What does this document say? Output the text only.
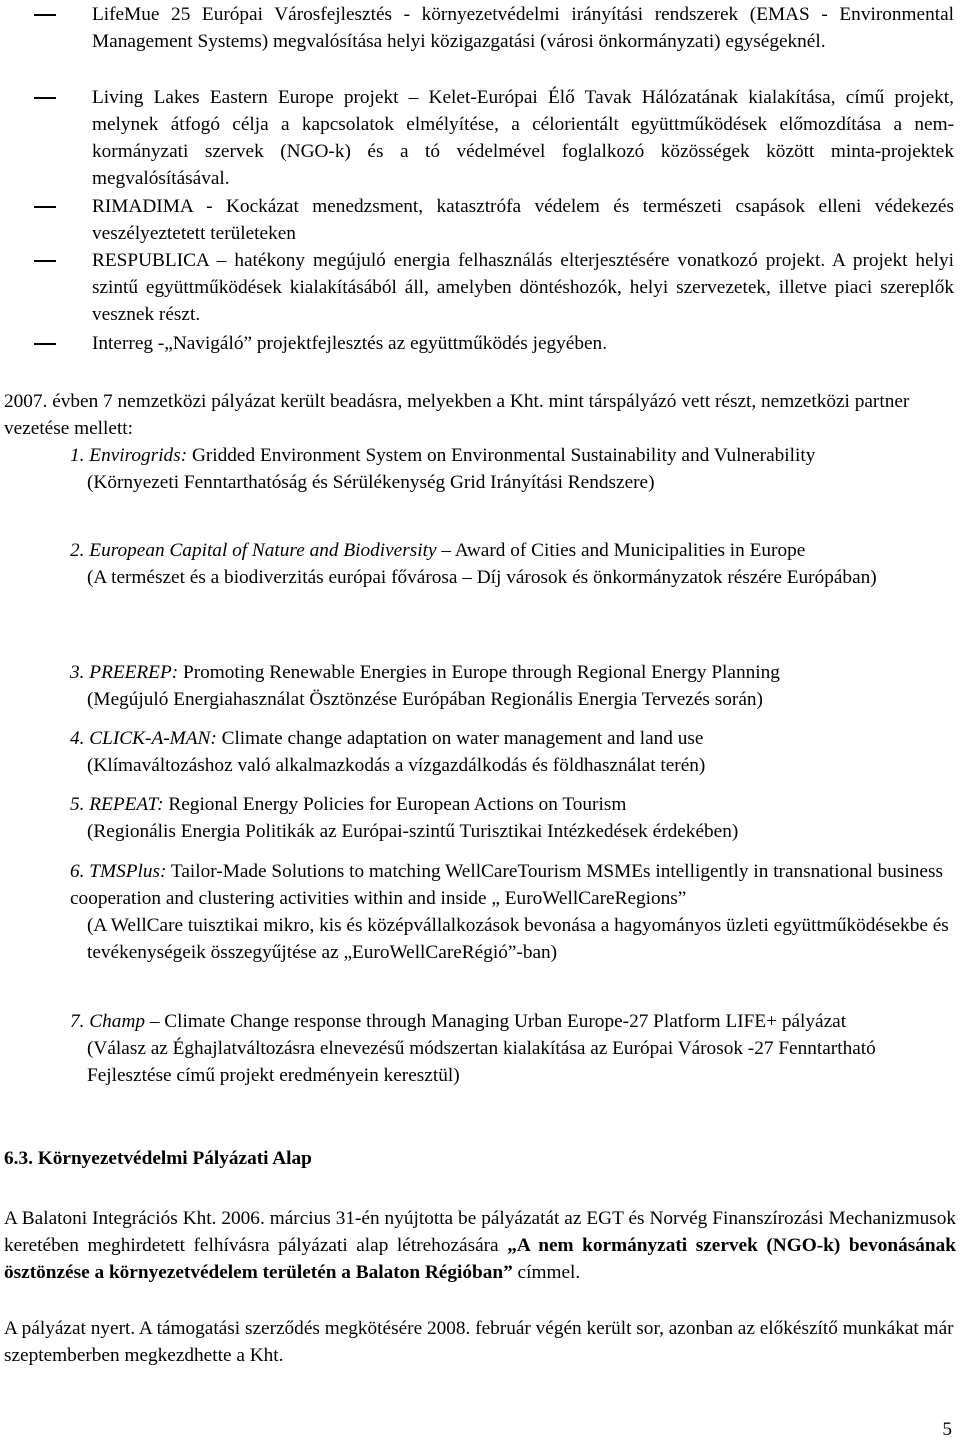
LifeMue 25 Európai Városfejlesztés - környezetvédelmi irányítási rendszerek (EMAS - Environmental Management Systems) megvalósítása helyi közigazgatási (városi önkormányzati) egységeknél.
Living Lakes Eastern Europe projekt ‒ Kelet-Európai Élő Tavak Hálózatának kialakítása, című projekt, melynek átfogó célja a kapcsolatok elmélyítése, a célorientált együttműködések előmozdítása a nem-kormányzati szervek (NGO-k) és a tó védelmével foglalkozó közösségek között minta-projektek megvalósításával.
RIMADIMA - Kockázat menedzsment, katasztrófa védelem és természeti csapások elleni védekezés veszélyeztetett területeken
RESPUBLICA ‒ hatékony megújuló energia felhasználás elterjesztésére vonatkozó projekt. A projekt helyi szintű együttműködések kialakításából áll, amelyben döntéshozók, helyi szervezetek, illetve piaci szereplők vesznek részt.
Interreg -„Navigáló” projektfejlesztés az együttműködés jegyében.
2007. évben 7 nemzetközi pályázat került beadásra, melyekben a Kht. mint társpályázó vett részt, nemzetközi partner vezetése mellett:
1. Envirogrids: Gridded Environment System on Environmental Sustainability and Vulnerability
(Környezeti Fenntarthatóság és Sérülékenység Grid Irányítási Rendszere)
2. European Capital of Nature and Biodiversity ‒ Award of Cities and Municipalities in Europe
(A természet és a biodiverzitás európai fővárosa ‒ Díj városok és önkormányzatok részére Európában)
3. PREEREP: Promoting Renewable Energies in Europe through Regional Energy Planning
(Megújuló Energiahasználat Ösztönzése Európában Regionális Energia Tervezés során)
4. CLICK-A-MAN: Climate change adaptation on water management and land use
(Klímaváltozáshoz való alkalmazkodás a vízgazdálkodás és földhasználat terén)
5. REPEAT: Regional Energy Policies for European Actions on Tourism
(Regionális Energia Politikák az Európai-szintű Turisztikai Intézkedések érdekében)
6. TMSPlus: Tailor-Made Solutions to matching WellCareTourism MSMEs intelligently in transnational business cooperation and clustering activities within and inside „ EuroWellCareRegions”
(A WellCare tuisztikai mikro, kis és középvállalkozások bevonása a hagyományos üzleti együttműködésekbe és tevékenységeik összegyűjtése az „EuroWellCareRégió”-ban)
7. Champ ‒ Climate Change response through Managing Urban Europe-27 Platform LIFE+ pályázat
(Válasz az Éghajlatváltozásra elnevezésű módszertan kialakítása az Európai Városok -27 Fenntartható Fejlesztése című projekt eredményein keresztül)
6.3. Környezetvédelmi Pályázati Alap
A Balatoni Integrációs Kht. 2006. március 31-én nyújtotta be pályázatát az EGT és Norvég Finanszírozási Mechanizmusok keretében meghirdetett felhívásra pályázati alap létrehozására „A nem kormányzati szervek (NGO-k) bevonásának ösztönzése a környezetvédelem területén a Balaton Régióban” címmel.
A pályázat nyert. A támogatási szerződés megkötésére 2008. február végén került sor, azonban az előkészítő munkákat már szeptemberben megkezdhette a Kht.
5
